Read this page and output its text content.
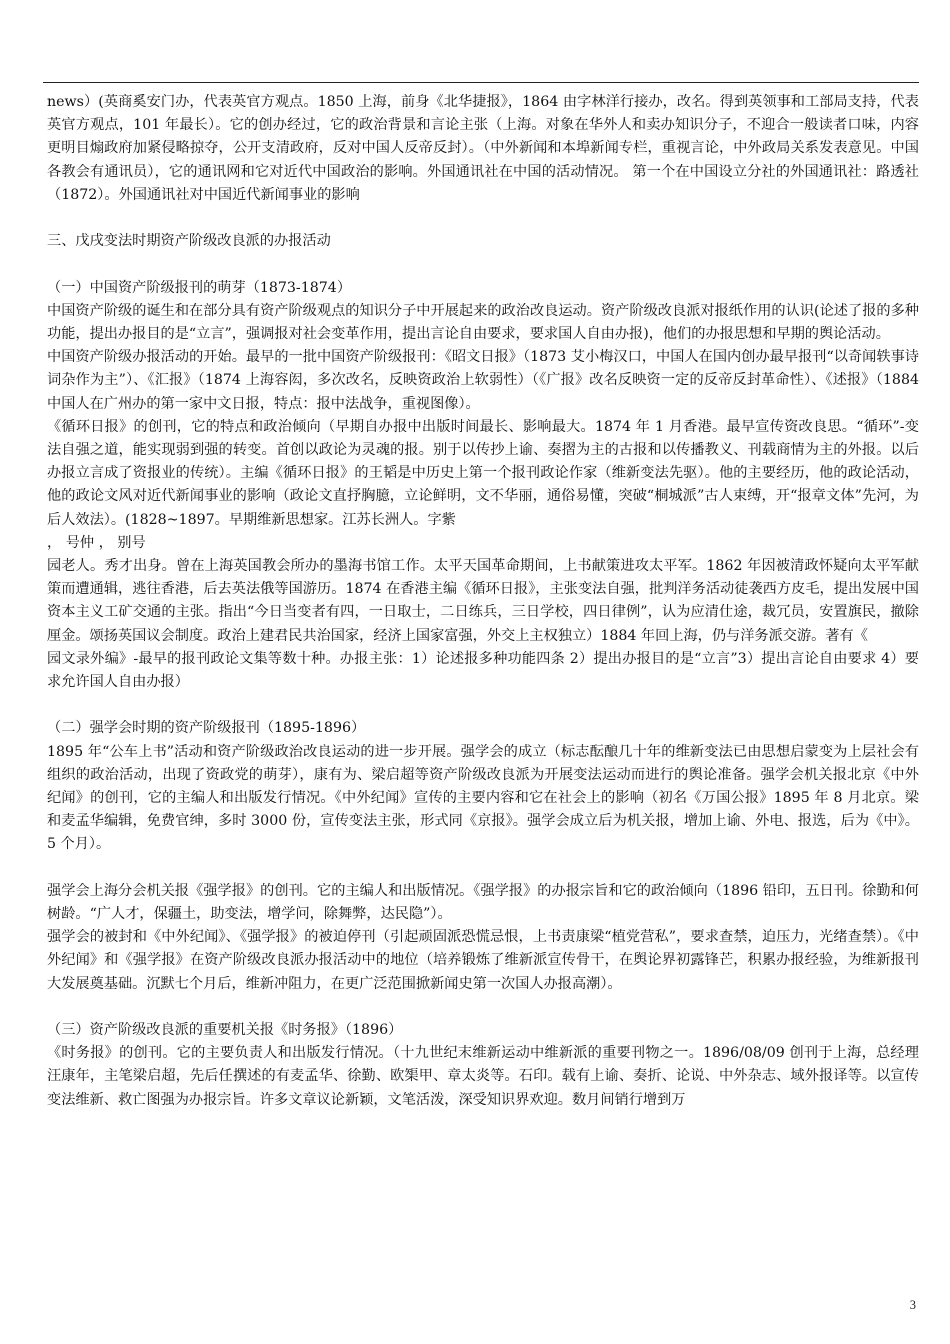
news）(英商奚安门办，代表英官方观点。1850 上海，前身《北华捷报》，1864 由字林洋行接办，改名。得到英领事和工部局支持，代表英官方观点，101 年最长）。它的创办经过，它的政治背景和言论主张（上海。对象在华外人和卖办知识分子，不迎合一般读者口味，内容更明目煽政府加紧侵略掠夺，公开支清政府，反对中国人反帝反封）。（中外新闻和本埠新闻专栏，重视言论，中外政局关系发表意见。中国各教会有通讯员），它的通讯网和它对近代中国政治的影响。外国通讯社在中国的活动情况。 第一个在中国设立分社的外国通讯社：路透社（1872）。外国通讯社对中国近代新闻事业的影响

三、戊戌变法时期资产阶级改良派的办报活动

（一）中国资产阶级报刊的萌芽（1873-1874）

中国资产阶级的诞生和在部分具有资产阶级观点的知识分子中开展起来的政治改良运动。资产阶级改良派对报纸作用的认识(论述了报的多种功能，提出办报目的是“立言”，强调报对社会变革作用，提出言论自由要求，要求国人自由办报)，他们的办报思想和早期的舆论活动。

中国资产阶级办报活动的开始。最早的一批中国资产阶级报刊：《昭文日报》（1873 艾小梅汉口，中国人在国内创办最早报刊“以奇闻轶事诗词杂作为主”）、《汇报》（1874 上海容闳，多次改名，反映资政治上软弱性）（《广报》改名反映资一定的反帝反封革命性）、《述报》（1884 中国人在广州办的第一家中文日报，特点：报中法战争，重视图像）。

《循环日报》的创刊，它的特点和政治倾向（早期自办报中出版时间最长、影响最大。1874 年 1 月香港。最早宣传资改良思。“循环”-变法自强之道，能实现弱到强的转变。首创以政论为灵魂的报。别于以传抄上谕、奏摺为主的古报和以传播教义、刊载商情为主的外报。以后办报立言成了资报业的传统）。主编《循环日报》的王韬是中历史上第一个报刊政论作家（维新变法先驱）。他的主要经历，他的政论活动，他的政论文风对近代新闻事业的影响（政论文直抒胸臆，立论鲜明，文不华丽，通俗易懂，突破“桐城派”古人束缚，开“报章文体”先河，为后人效法）。(1828~1897。早期维新思想家。江苏长洲人。字紫

， 号仲 ， 别号

园老人。秀才出身。曾在上海英国教会所办的墨海书馆工作。太平天国革命期间，上书献策进攻太平军。1862 年因被清政怀疑向太平军献策而遭通辑，逃往香港，后去英法俄等国游历。1874 在香港主编《循环日报》，主张变法自强，批判洋务活动徒袭西方皮毛，提出发展中国资本主义工矿交通的主张。指出“今日当变者有四，一日取士，二日练兵，三日学校，四日律例”，认为应清仕途，裁冗员，安置旗民，撤除厘金。颂扬英国议会制度。政治上建君民共治国家，经济上国家富强，外交上主权独立）1884 年回上海，仍与洋务派交游。著有《

园文录外编》-最早的报刊政论文集等数十种。办报主张：1）论述报多种功能四条 2）提出办报目的是“立言”3）提出言论自由要求 4）要求允许国人自由办报）

（二）强学会时期的资产阶级报刊（1895-1896）

1895 年“公车上书”活动和资产阶级政治改良运动的进一步开展。强学会的成立（标志酝酿几十年的维新变法已由思想启蒙变为上层社会有组织的政治活动，出现了资政党的萌芽），康有为、梁启超等资产阶级改良派为开展变法运动而进行的舆论准备。强学会机关报北京《中外纪闻》的创刊，它的主编人和出版发行情况。《中外纪闻》宣传的主要内容和它在社会上的影响（初名《万国公报》1895 年 8 月北京。梁和麦孟华编辑，免费官绅，多时 3000 份，宣传变法主张，形式同《京报》。强学会成立后为机关报，增加上谕、外电、报选，后为《中》。5 个月）。

强学会上海分会机关报《强学报》的创刊。它的主编人和出版情况。《强学报》的办报宗旨和它的政治倾向（1896 铅印，五日刊。徐勤和何树龄。“广人才，保疆土，助变法，增学问，除舞弊，达民隐”）。

强学会的被封和《中外纪闻》、《强学报》的被迫停刊（引起顽固派恐慌忌恨，上书责康梁“植党营私”，要求查禁，迫压力，光绪查禁）。《中外纪闻》和《强学报》在资产阶级改良派办报活动中的地位（培养锻炼了维新派宣传骨干，在舆论界初露锋芒，积累办报经验，为维新报刊大发展奠基础。沉默七个月后，维新冲阻力，在更广泛范围掀新闻史第一次国人办报高潮）。

（三）资产阶级改良派的重要机关报《时务报》（1896）

《时务报》的创刊。它的主要负责人和出版发行情况。（十九世纪末维新运动中维新派的重要刊物之一。1896/08/09 创刊于上海，总经理汪康年，主笔梁启超，先后任撰述的有麦孟华、徐勤、欧榘甲、章太炎等。石印。载有上谕、奏折、论说、中外杂志、域外报译等。以宣传变法维新、救亡图强为办报宗旨。许多文章议论新颖，文笔活泼，深受知识界欢迎。数月间销行增到万

3
